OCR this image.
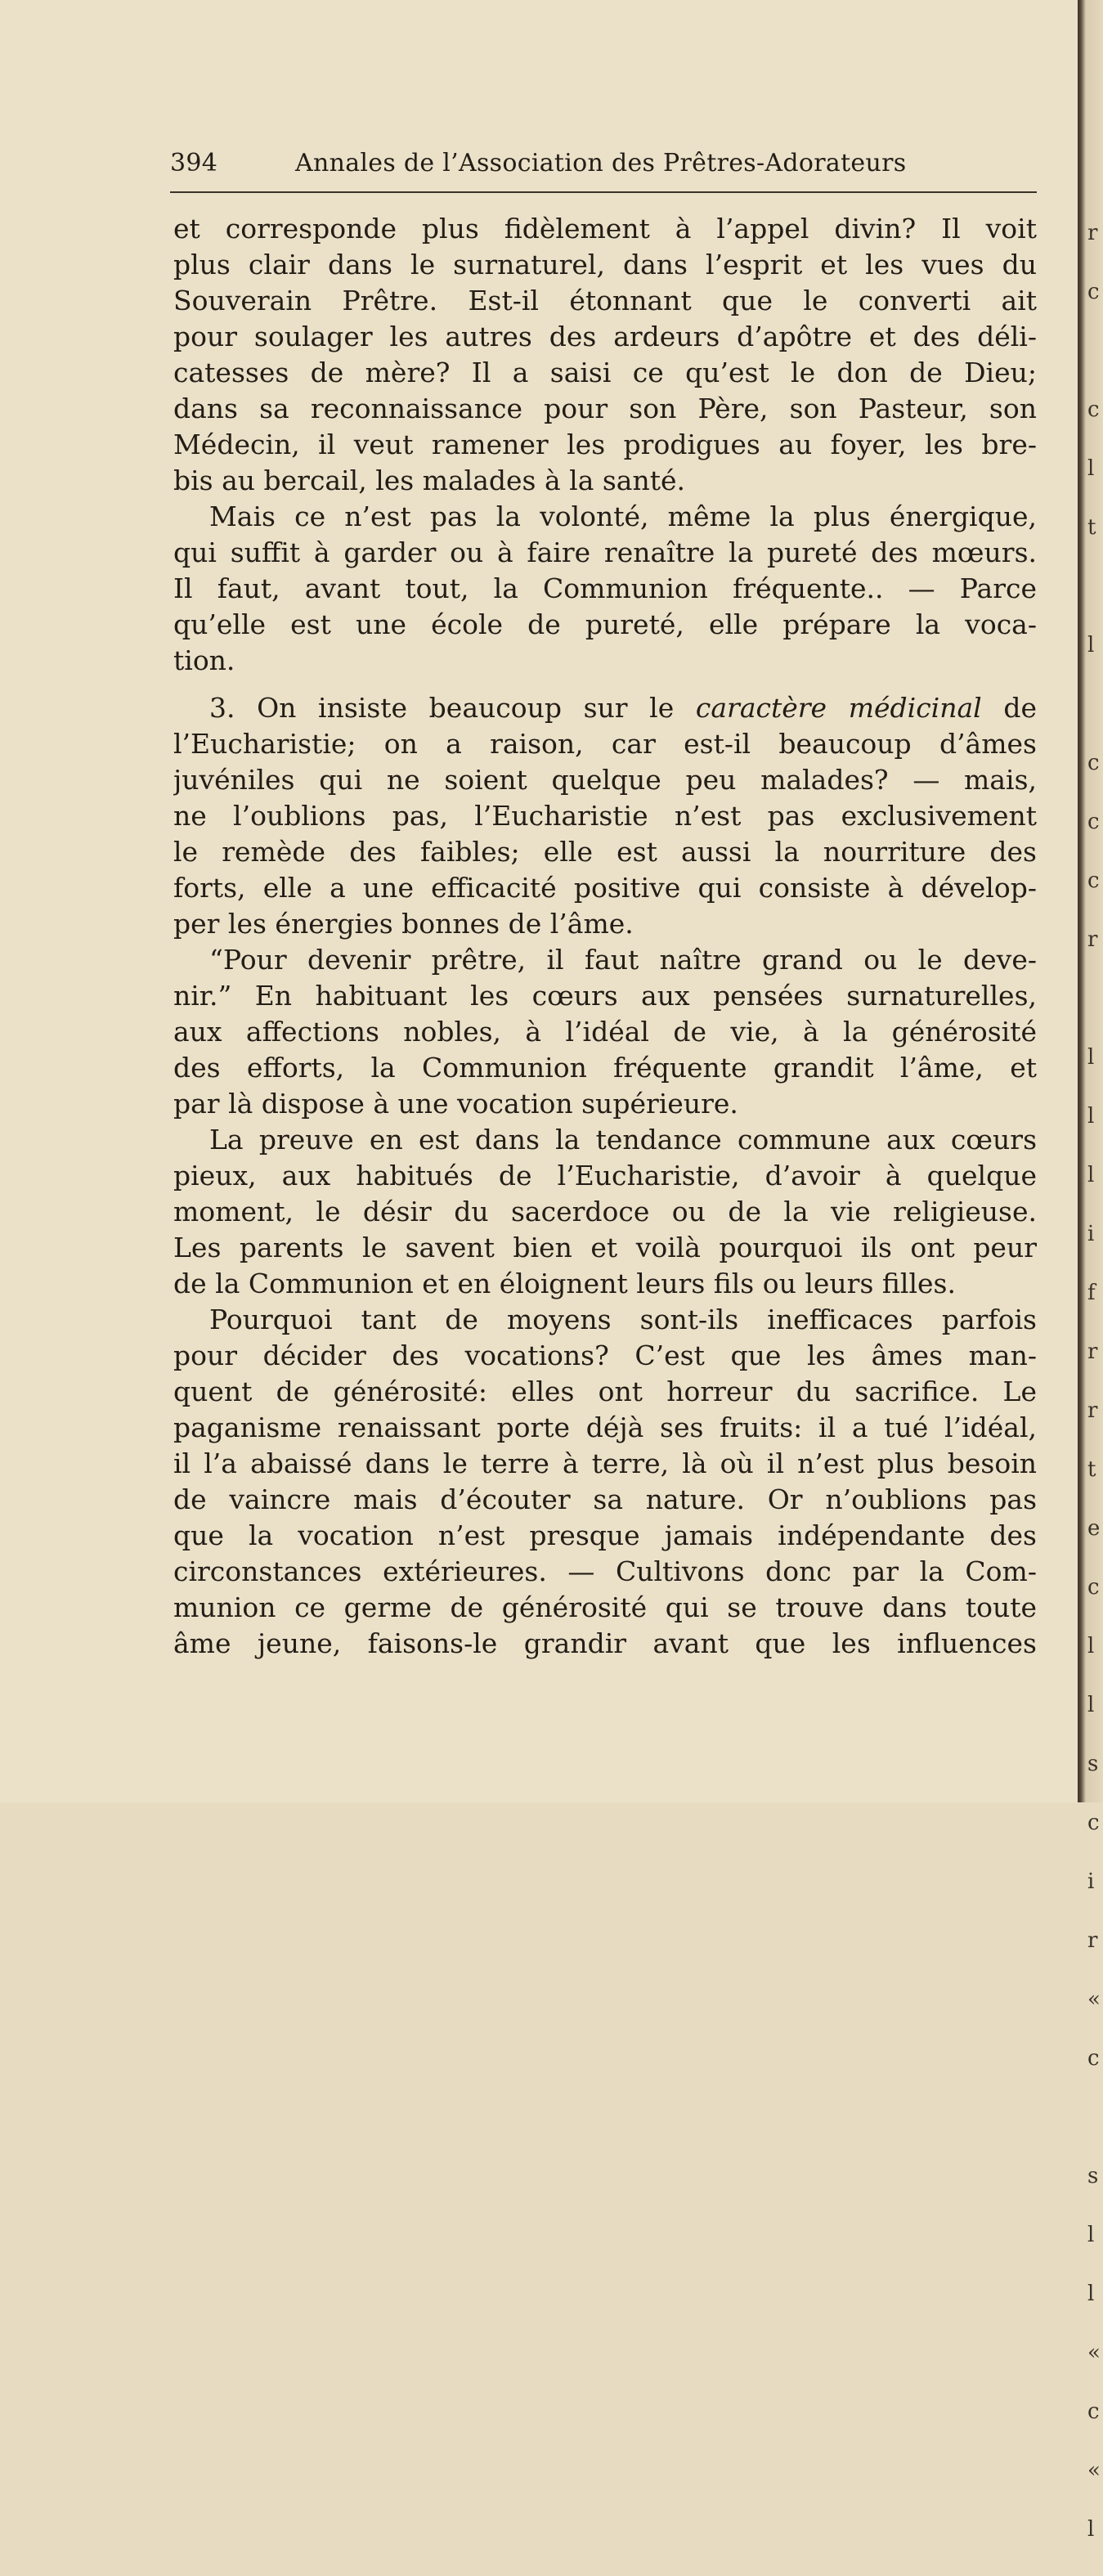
394	Annales de l’Association des Prêtres-Adorateurs
et corresponde plus fidèlement à l’appel divin? Il voit
plus clair dans le surnaturel, dans l’esprit et les vues du
Souverain Prêtre. Est-il étonnant que le converti ait
pour soulager les autres des ardeurs d’apôtre et des déli-
catesses de mère? Il a saisi ce qu’est le don de Dieu;
dans sa reconnaissance pour son Père, son Pasteur, son
Médecin, il veut ramener les prodigues au foyer, les bre-
bis au bercail, les malades à la santé.
Mais ce n’est pas la volonté, même la plus énergique,
qui suffit à garder ou à faire renaître la pureté des mœurs.
Il faut, avant tout, la Communion fréquente.. — Parce
qu’elle est une école de pureté, elle prépare la voca-
tion.
3. On insiste beaucoup sur le caractère médicinal de
l’Eucharistie; on a raison, car est-il beaucoup d’âmes
juvéniles qui ne soient quelque peu malades? — mais,
ne l’oublions pas, l’Eucharistie n’est pas exclusivement
le remède des faibles; elle est aussi la nourriture des
forts, elle a une efficacité positive qui consiste à dévelop-
per les énergies bonnes de l’âme.
“Pour devenir prêtre, il faut naître grand ou le deve-
nir.” En habituant les cœurs aux pensées surnaturelles,
aux affections nobles, à l’idéal de vie, à la générosité
des efforts, la Communion fréquente grandit l’âme, et
par là dispose à une vocation supérieure.
La preuve en est dans la tendance commune aux cœurs
pieux, aux habitués de l’Eucharistie, d’avoir à quelque
moment, le désir du sacerdoce ou de la vie religieuse.
Les parents le savent bien et voilà pourquoi ils ont peur
de la Communion et en éloignent leurs fils ou leurs filles.
Pourquoi tant de moyens sont-ils inefficaces parfois
pour décider des vocations? C’est que les âmes man-
quent de générosité: elles ont horreur du sacrifice. Le
paganisme renaissant porte déjà ses fruits: il a tué l’idéal,
il l’a abaissé dans le terre à terre, là où il n’est plus besoin
de vaincre mais d’écouter sa nature. Or n’oublions pas
que la vocation n’est presque jamais indépendante des
circonstances extérieures. — Cultivons donc par la Com-
munion ce germe de générosité qui se trouve dans toute
âme jeune, faisons-le grandir avant que les influences
r
c
c
l
t
l
c
c
c
r
l
l
l
i
f
r
r
t
e
c
l
l
s
c
i
r
«
c
s
l
l
«
c
«
l
